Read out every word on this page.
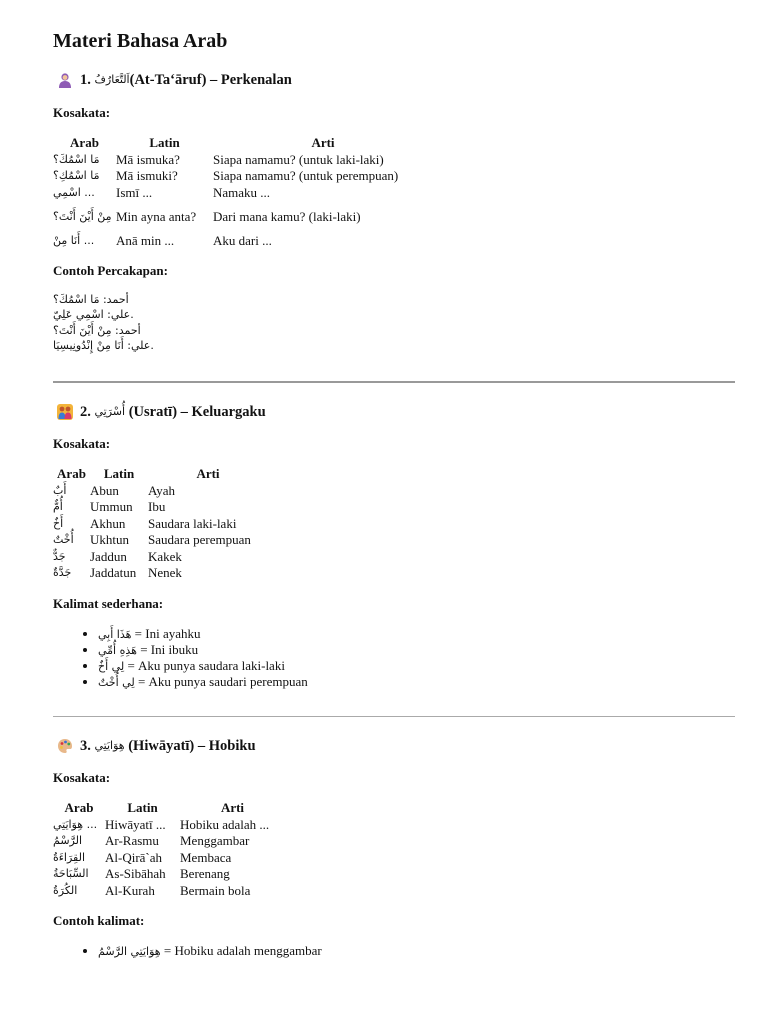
Materi Bahasa Arab
1.
اَلتَّعَارُفُ (At-Ta‘āruf) – Perkenalan
Kosakata:
Arab	Latin	Arti
مَا اسْمُكَ؟	Mā ismuka?	Siapa namamu? (untuk laki-laki)
مَا اسْمُكِ؟	Mā ismuki?	Siapa namamu? (untuk perempuan)
اسْمِي ...	Ismī ...	Namaku ...
مِنْ أَيْنَ أَنْتَ؟	Min ayna anta?	Dari mana kamu? (laki-laki)
أَنَا مِنْ ...	Anā min ...	Aku dari ...
Contoh Percakapan:
أحمد: مَا اسْمُكَ؟
علي: اسْمِي عَلِيّ.
أحمد: مِنْ أَيْنَ أَنْتَ؟
علي: أَنَا مِنْ إِنْدُونِيسِيَا.
2.
أُسْرَتِي
(Usratī) – Keluargaku
Kosakata:
Arab	Latin	Arti
أَبٌ	Abun	Ayah
أُمٌّ	Ummun	Ibu
أَخٌ	Akhun	Saudara laki-laki
أُخْتٌ	Ukhtun	Saudara perempuan
جَدٌّ	Jaddun	Kakek
جَدَّةٌ	Jaddatun	Nenek
Kalimat sederhana:
• هَذَا أَبِي = Ini ayahku
• هَذِهِ أُمِّي = Ini ibuku
• لِي أَخٌ = Aku punya saudara laki-laki
• لِي أُخْتٌ = Aku punya saudari perempuan
3.
هِوَايَتِي
(Hiwāyatī) – Hobiku
Kosakata:
Arab	Latin	Arti
هِوَايَتِي ...	Hiwāyatī ...	Hobiku adalah ...
الرَّسْمُ	Ar-Rasmu	Menggambar
القِرَاءَةُ	Al-Qirā`ah	Membaca
السِّبَاحَةُ	As-Sibāhah	Berenang
الكُرَةُ	Al-Kurah	Bermain bola
Contoh kalimat:
• هِوَايَتِي الرَّسْمُ = Hobiku adalah menggambar
